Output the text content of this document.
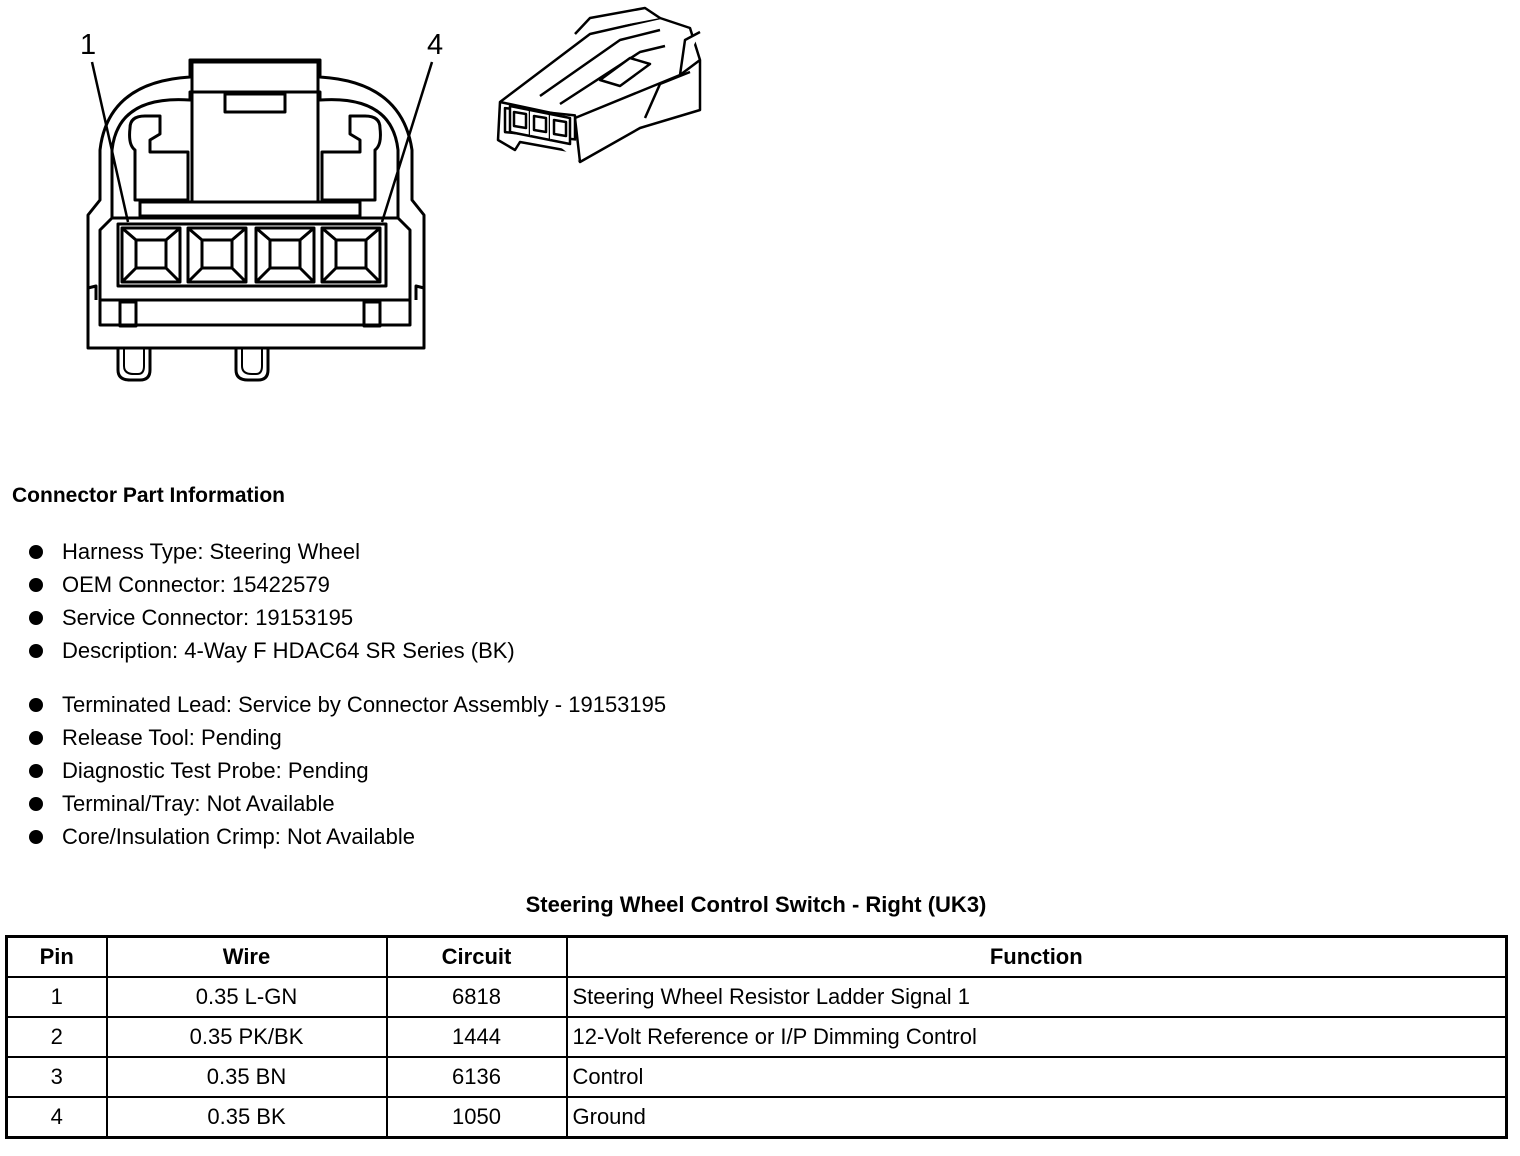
1	4
Connector Part Information
Harness Type: Steering Wheel
OEM Connector: 15422579
Service Connector: 19153195
Description: 4-Way F HDAC64 SR Series (BK)
Terminated Lead: Service by Connector Assembly - 19153195
Release Tool: Pending
Diagnostic Test Probe: Pending
Terminal/Tray: Not Available
Core/Insulation Crimp: Not Available
Steering Wheel Control Switch - Right (UK3)
Pin	Wire	Circuit	Function
1	0.35 L-GN	6818	Steering Wheel Resistor Ladder Signal 1
2	0.35 PK/BK	1444	12-Volt Reference or I/P Dimming Control
3	0.35 BN	6136	Control
4	0.35 BK	1050	Ground
